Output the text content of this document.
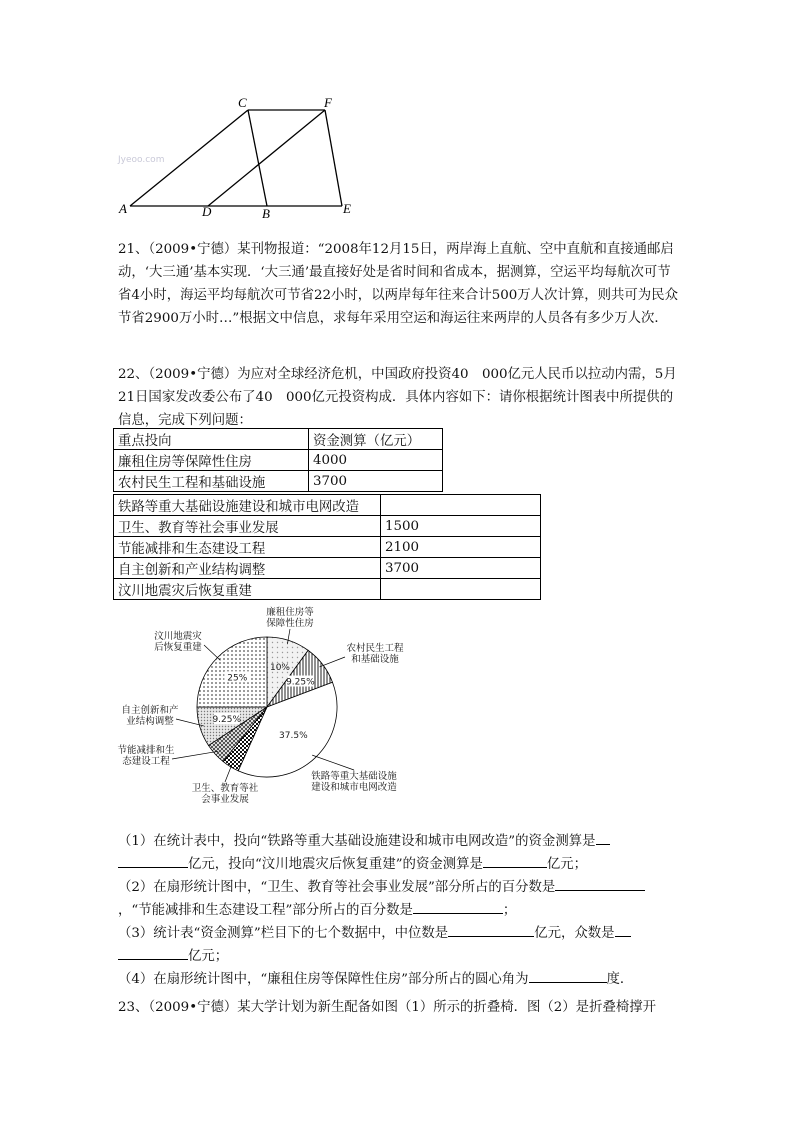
Jyeoo.com
A
C	F
D	B	E

21、（2009•宁德）某刊物报道：“2008年12月15日，两岸海上直航、空中直航和直接通邮启动，‘大三通’基本实现．‘大三通’最直接好处是省时间和省成本，据测算，空运平均每航次可节省4小时，海运平均每航次可节省22小时，以两岸每年往来合计500万人次计算，则共可为民众节省2900万小时…”根据文中信息，求每年采用空运和海运往来两岸的人员各有多少万人次．

22、（2009•宁德）为应对全球经济危机，中国政府投资40　000亿元人民币以拉动内需，5月21日国家发改委公布了40　000亿元投资构成．具体内容如下：请你根据统计图表中所提供的信息，完成下列问题：

重点投向	资金测算（亿元）
廉租住房等保障性住房	4000
农村民生工程和基础设施	3700
铁路等重大基础设施建设和城市电网改造	
卫生、教育等社会事业发展	1500
节能减排和生态建设工程	2100
自主创新和产业结构调整	3700
汶川地震灾后恢复重建	
10%
9.25%
37.5%
9.25%
25%
廉租住房等
保障性住房
农村民生工程
和基础设施
铁路等重大基础设施
建设和城市电网改造
卫生、教育等社
会事业发展
节能减排和生
态建设工程
自主创新和产
业结构调整
汶川地震灾
后恢复重建
（1）在统计表中，投向“铁路等重大基础设施建设和城市电网改造”的资金测算是
亿元，投向“汶川地震灾后恢复重建”的资金测算是	亿元；
（2）在扇形统计图中，“卫生、教育等社会事业发展”部分所占的百分数是
，“节能减排和生态建设工程”部分所占的百分数是	；
（3）统计表“资金测算”栏目下的七个数据中，中位数是	亿元，众数是
亿元；
（4）在扇形统计图中，“廉租住房等保障性住房”部分所占的圆心角为	度．

23、（2009•宁德）某大学计划为新生配备如图（1）所示的折叠椅．图（2）是折叠椅撑开
